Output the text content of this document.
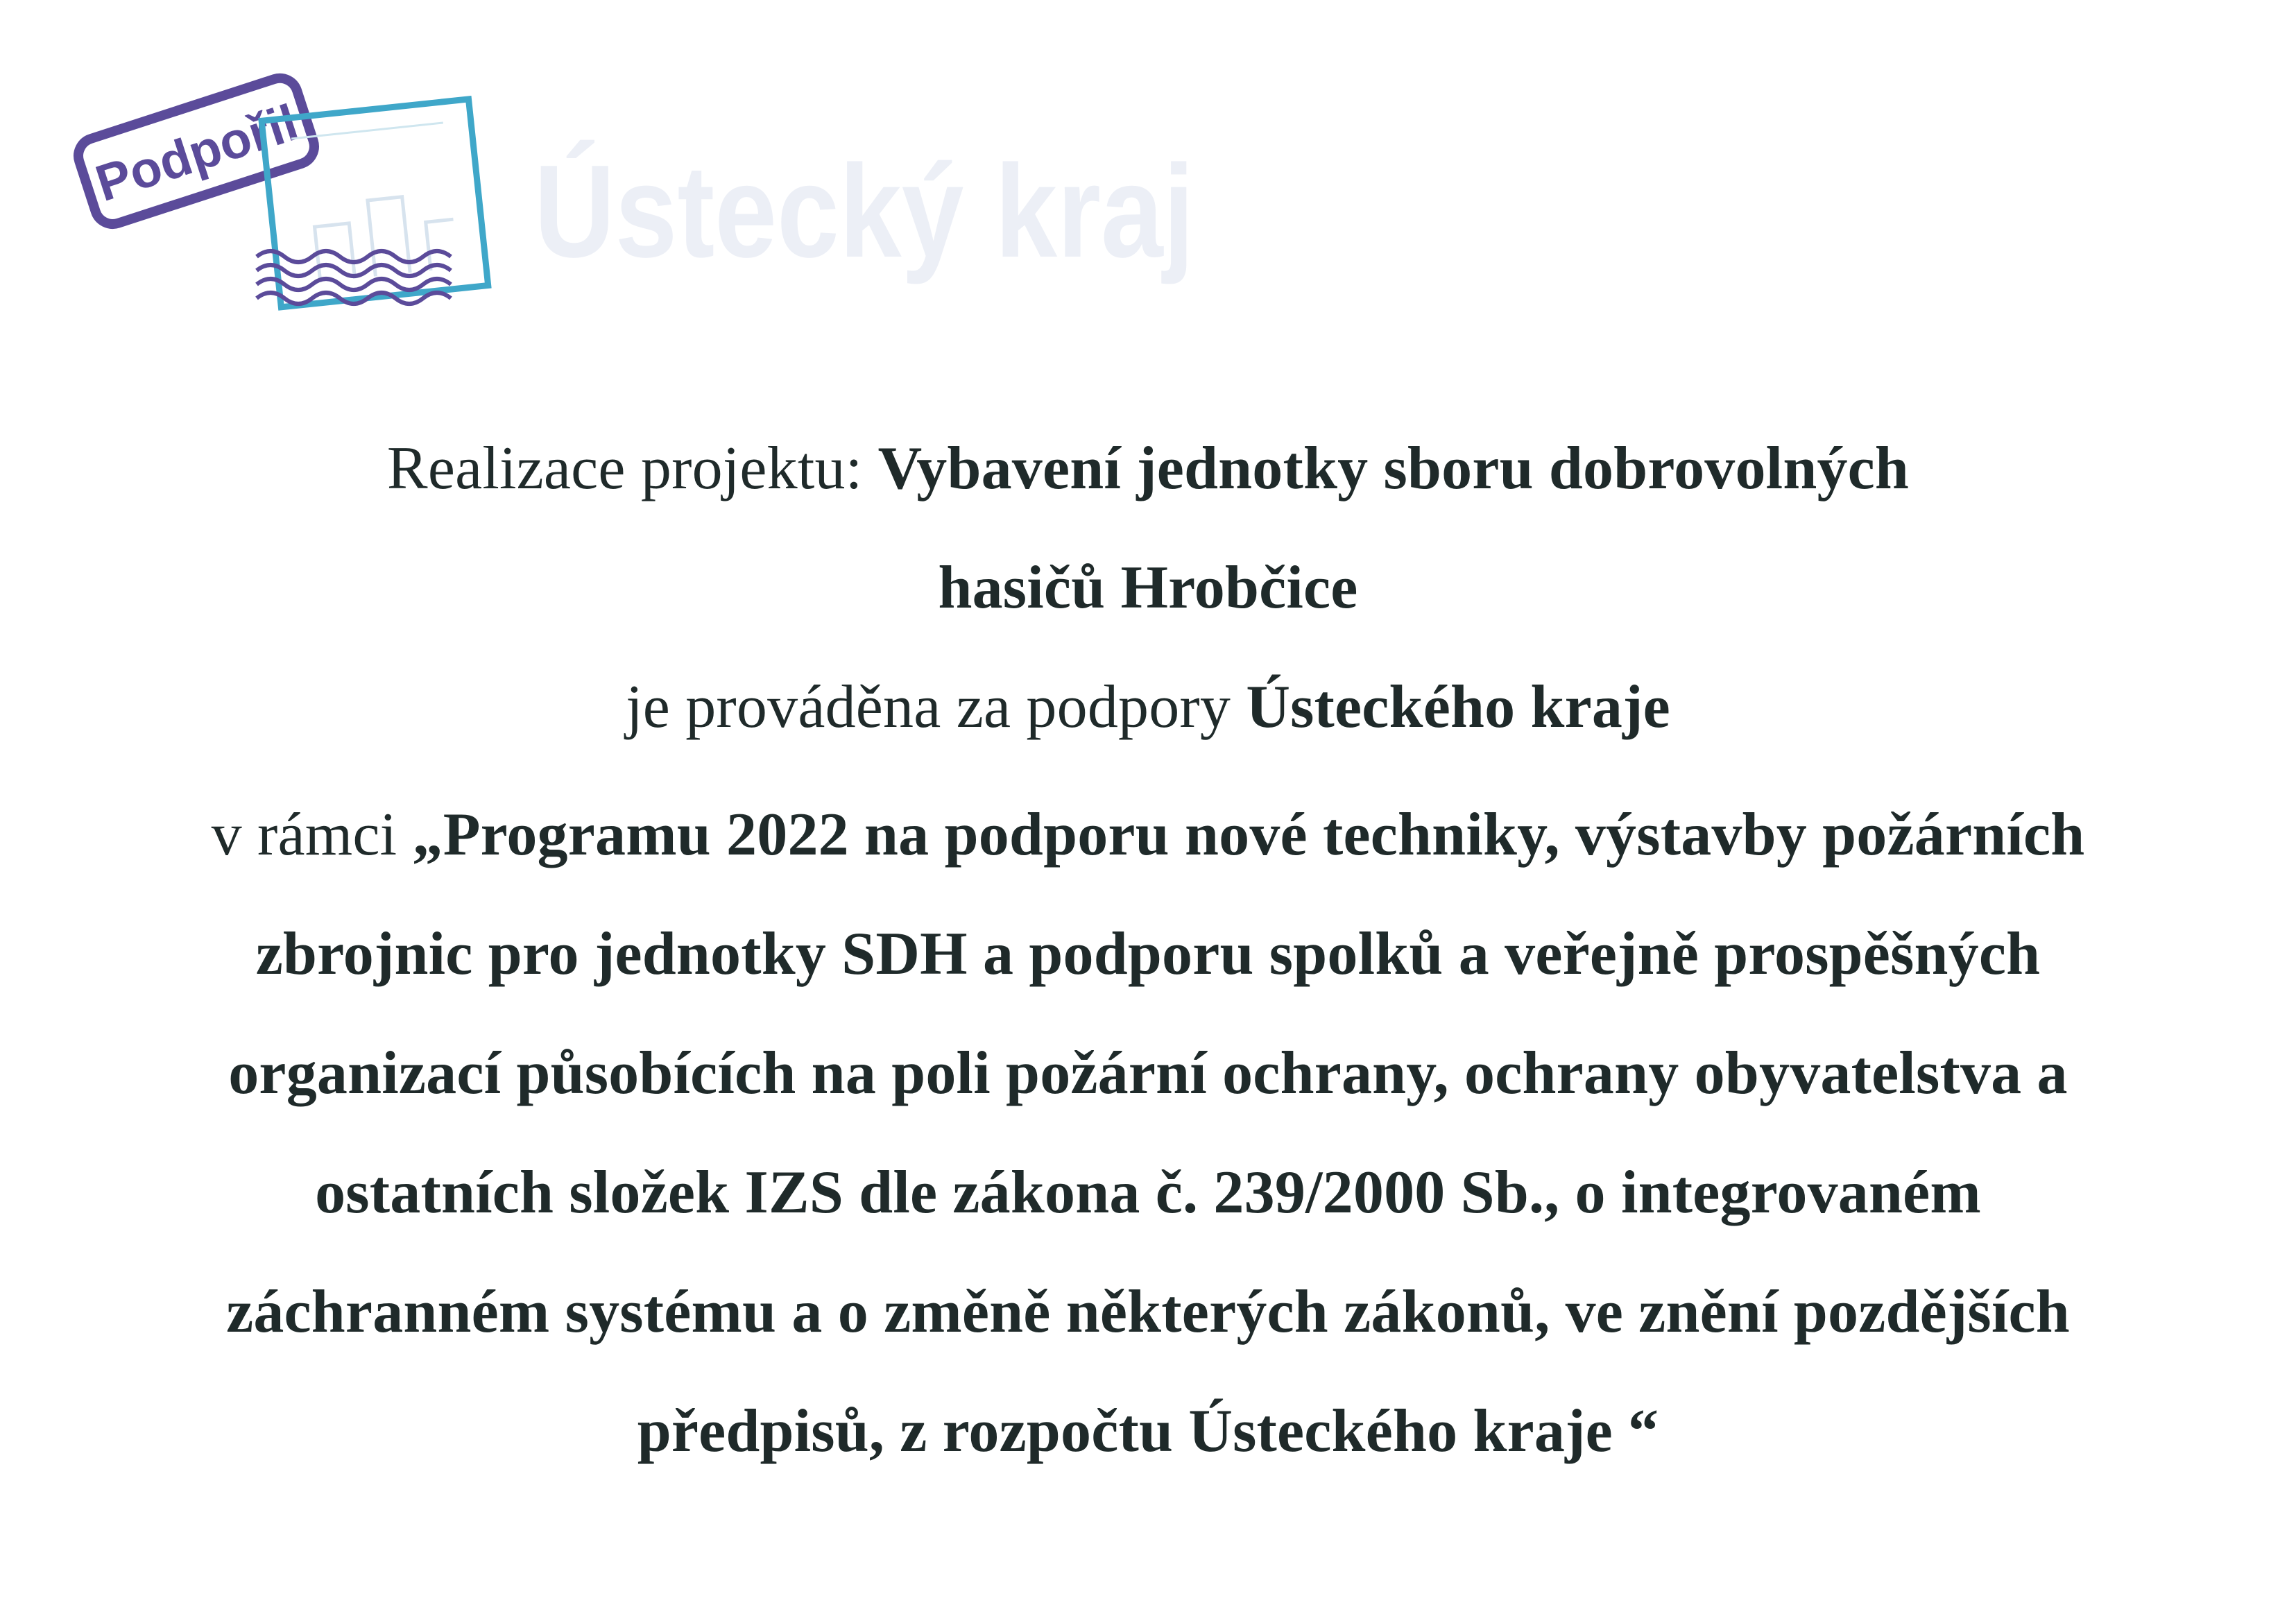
Podpořil Ústecký kraj
Realizace projektu: Vybavení jednotky sboru dobrovolných
hasičů Hrobčice
je prováděna za podpory Ústeckého kraje
v rámci „Programu 2022 na podporu nové techniky, výstavby požárních
zbrojnic pro jednotky SDH a podporu spolků a veřejně prospěšných
organizací působících na poli požární ochrany, ochrany obyvatelstva a
ostatních složek IZS dle zákona č. 239/2000 Sb., o integrovaném
záchranném systému a o změně některých zákonů, ve znění pozdějších
předpisů, z rozpočtu Ústeckého kraje “
